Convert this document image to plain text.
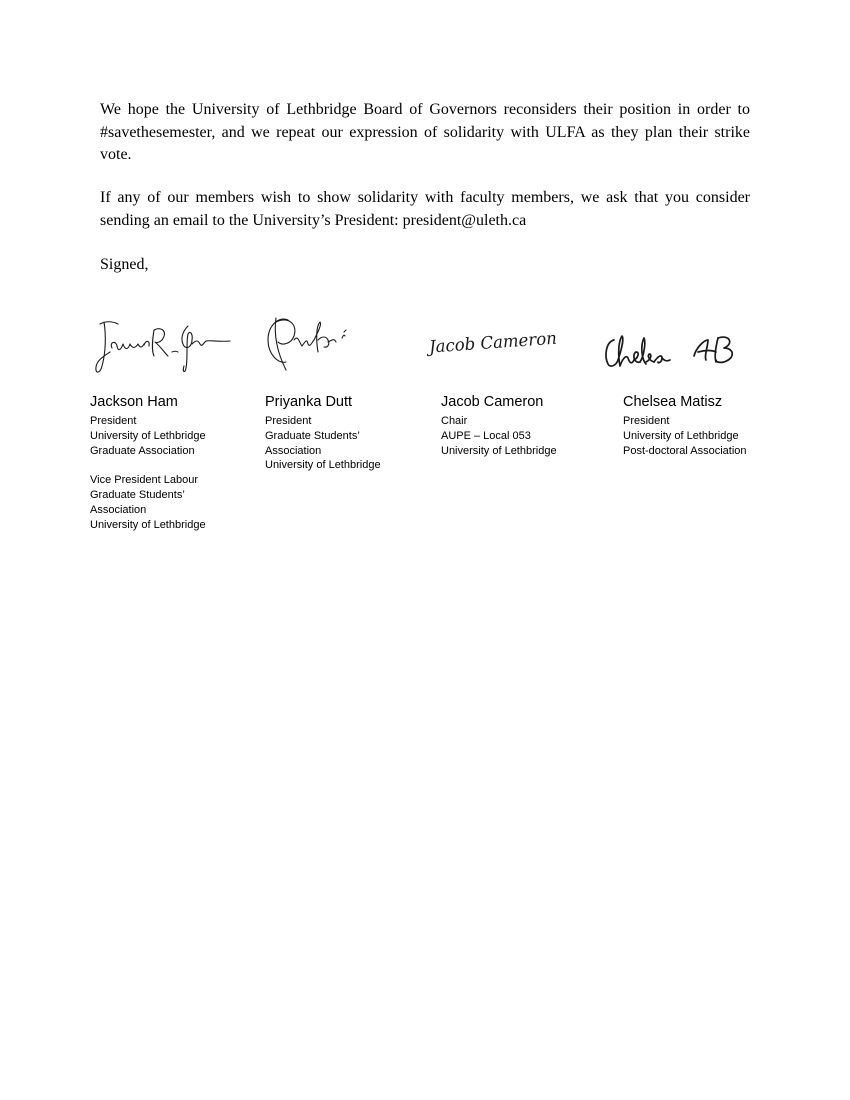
We hope the University of Lethbridge Board of Governors reconsiders their position in order to #savethesemester, and we repeat our expression of solidarity with ULFA as they plan their strike vote.

If any of our members wish to show solidarity with faculty members, we ask that you consider sending an email to the University’s President: president@uleth.ca

Signed,

Jacob Cameron

Jackson Ham

President

University of Lethbridge

Graduate Association

Vice President Labour

Graduate Students’

Association

University of Lethbridge

Priyanka Dutt

President

Graduate Students’

Association

University of Lethbridge

Jacob Cameron

Chair

AUPE – Local 053

University of Lethbridge

Chelsea Matisz

President

University of Lethbridge

Post-doctoral Association
